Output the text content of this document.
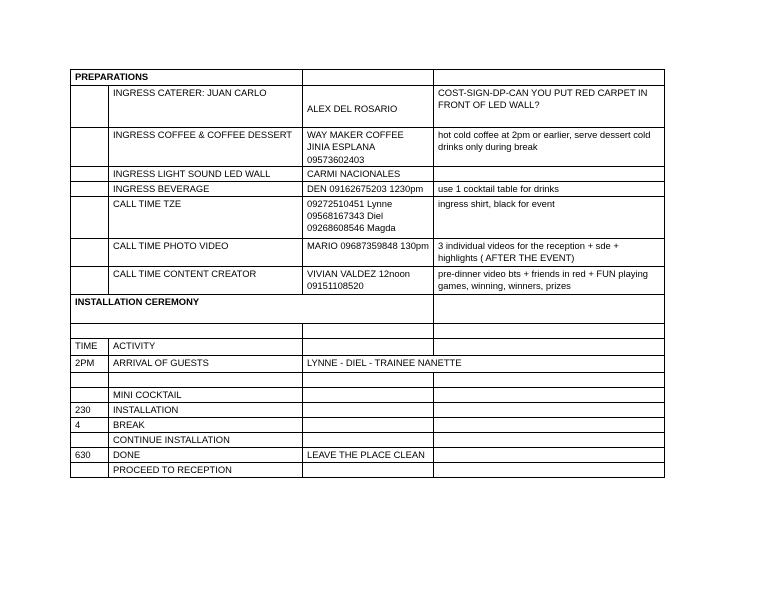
PREPARATIONS			
	INGRESS CATERER: JUAN CARLO	ALEX DEL ROSARIO	COST-SIGN-DP-CAN YOU PUT RED CARPET IN FRONT OF LED WALL?
	INGRESS COFFEE & COFFEE DESSERT	WAY MAKER COFFEE JINIA ESPLANA 09573602403	hot cold coffee at 2pm or earlier, serve dessert cold drinks only during break
	INGRESS LIGHT SOUND LED WALL	CARMI NACIONALES	
	INGRESS BEVERAGE	DEN 09162675203 1230pm	use 1 cocktail table for drinks
	CALL TIME TZE	09272510451 Lynne
09568167343 Diel
09268608546 Magda	ingress shirt, black for event
	CALL TIME PHOTO VIDEO	MARIO 09687359848 130pm	3 individual videos for the reception + sde + highlights ( AFTER THE EVENT)
	CALL TIME CONTENT CREATOR	VIVIAN VALDEZ 12noon 09151108520	pre-dinner video bts + friends in red + FUN playing games, winning, winners, prizes
INSTALLATION CEREMONY			

TIME	ACTIVITY		
2PM	ARRIVAL OF GUESTS	LYNNE - DIEL - TRAINEE NANETTE	

	MINI COCKTAIL		
230	INSTALLATION		
4	BREAK		
	CONTINUE INSTALLATION		
630	DONE	LEAVE THE PLACE CLEAN	
	PROCEED TO RECEPTION		
